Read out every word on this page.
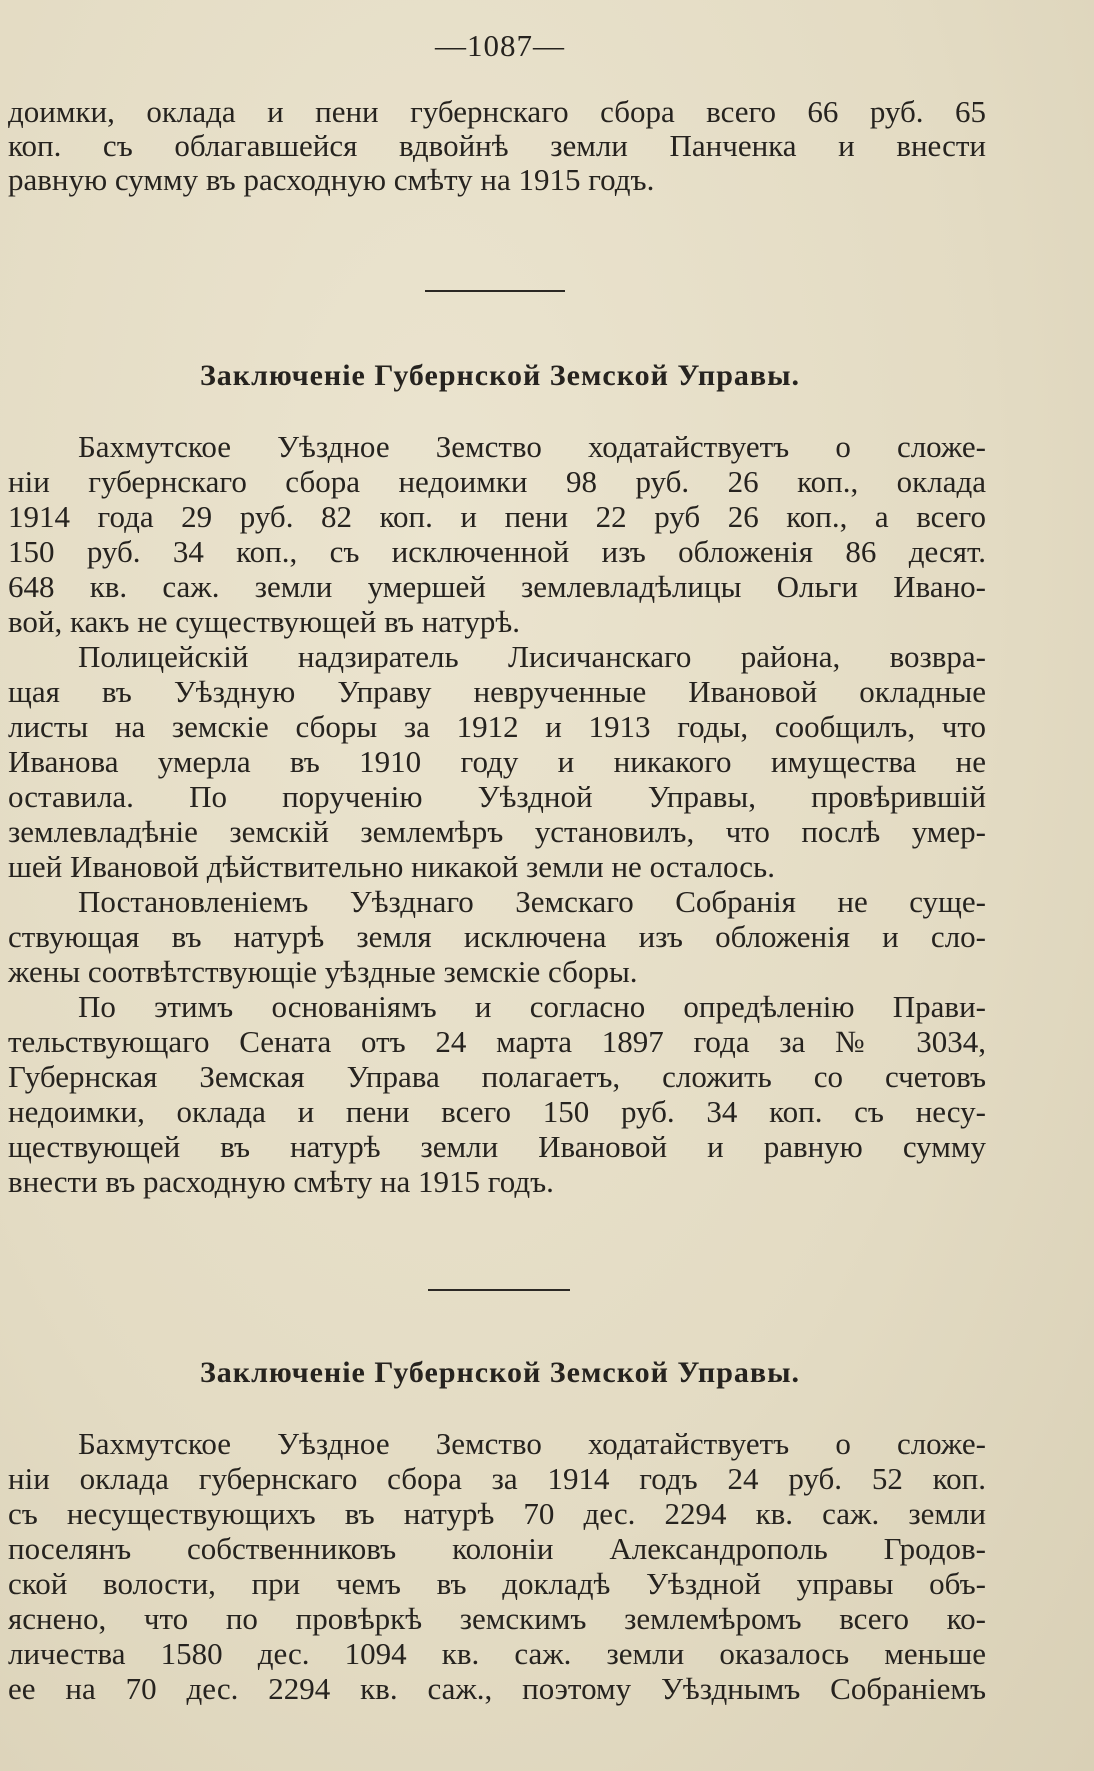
—1087—
доимки, оклада и пени губернскаго сбора всего 66 руб. 65
коп. съ облагавшейся вдвойнѣ земли Панченка и внести
равную сумму въ расходную смѣту на 1915 годъ.
Заключеніе Губернской Земской Управы.
Бахмутское Уѣздное Земство ходатайствуетъ о сложе-
ніи губернскаго сбора недоимки 98 руб. 26 коп., оклада
1914 года 29 руб. 82 коп. и пени 22 руб 26 коп., а всего
150 руб. 34 коп., съ исключенной изъ обложенія 86 десят.
648 кв. саж. земли умершей землевладѣлицы Ольги Ивано-
вой, какъ не существующей въ натурѣ.
Полицейскій надзиратель Лисичанскаго района, возвра-
щая въ Уѣздную Управу неврученные Ивановой окладные
листы на земскіе сборы за 1912 и 1913 годы, сообщилъ, что
Иванова умерла въ 1910 году и никакого имущества не
оставила. По порученію Уѣздной Управы, провѣрившій
землевладѣніе земскій землемѣръ установилъ, что послѣ умер-
шей Ивановой дѣйствительно никакой земли не осталось.
Постановленіемъ Уѣзднаго Земскаго Собранія не суще-
ствующая въ натурѣ земля исключена изъ обложенія и сло-
жены соотвѣтствующіе уѣздные земскіе сборы.
По этимъ основаніямъ и согласно опредѣленію Прави-
тельствующаго Сената отъ 24 марта 1897 года за № 3034,
Губернская Земская Управа полагаетъ, сложить со счетовъ
недоимки, оклада и пени всего 150 руб. 34 коп. съ несу-
ществующей въ натурѣ земли Ивановой и равную сумму
внести въ расходную смѣту на 1915 годъ.
Заключеніе Губернской Земской Управы.
Бахмутское Уѣздное Земство ходатайствуетъ о сложе-
ніи оклада губернскаго сбора за 1914 годъ 24 руб. 52 коп.
съ несуществующихъ въ натурѣ 70 дес. 2294 кв. саж. земли
поселянъ собственниковъ колоніи Александрополь Гродов-
ской волости, при чемъ въ докладѣ Уѣздной управы объ-
яснено, что по провѣркѣ земскимъ землемѣромъ всего ко-
личества 1580 дес. 1094 кв. саж. земли оказалось меньше
ее на 70 дес. 2294 кв. саж., поэтому Уѣзднымъ Собраніемъ
